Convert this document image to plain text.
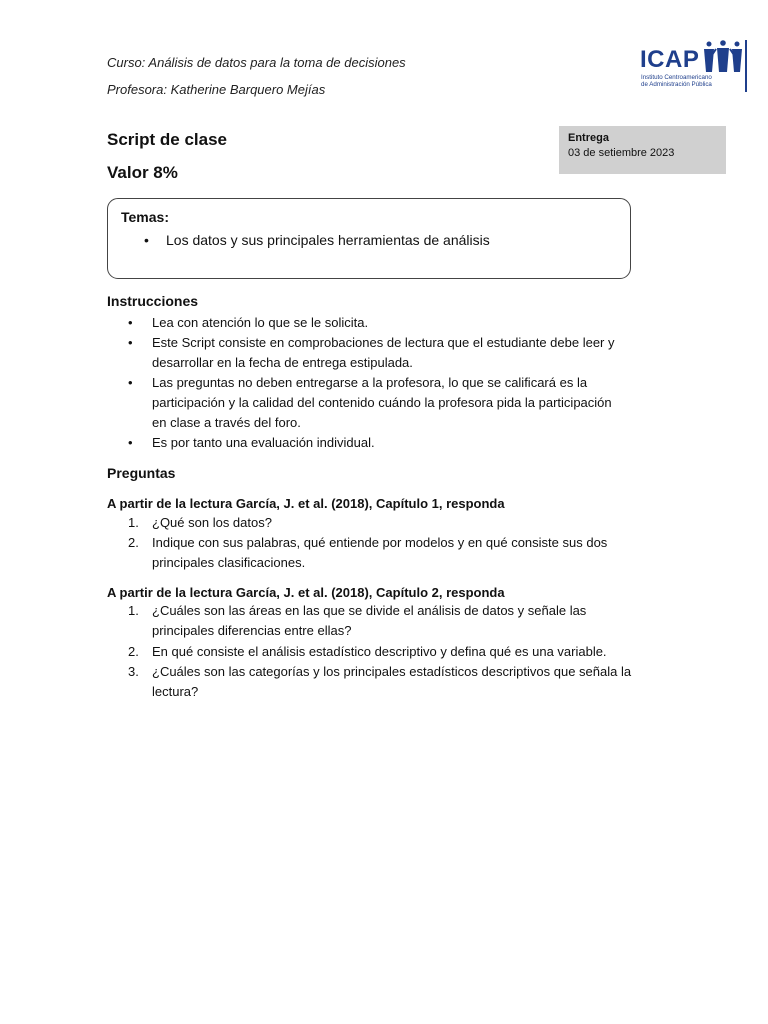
Curso: Análisis de datos para la toma de decisiones
Profesora: Katherine Barquero Mejías
ICAP
Instituto Centroamericano
de Administración Pública
Script de clase
Valor 8%
Entrega
03 de setiembre 2023
Temas:
• Los datos y sus principales herramientas de análisis
Instrucciones
• Lea con atención lo que se le solicita.
• Este Script consiste en comprobaciones de lectura que el estudiante debe leer y
desarrollar en la fecha de entrega estipulada.
• Las preguntas no deben entregarse a la profesora, lo que se calificará es la
participación y la calidad del contenido cuándo la profesora pida la participación
en clase a través del foro.
• Es por tanto una evaluación individual.
Preguntas
A partir de la lectura García, J. et al. (2018), Capítulo 1, responda
1. ¿Qué son los datos?
2. Indique con sus palabras, qué entiende por modelos y en qué consiste sus dos
principales clasificaciones.
A partir de la lectura García, J. et al. (2018), Capítulo 2, responda
1. ¿Cuáles son las áreas en las que se divide el análisis de datos y señale las
principales diferencias entre ellas?
2. En qué consiste el análisis estadístico descriptivo y defina qué es una variable.
3. ¿Cuáles son las categorías y los principales estadísticos descriptivos que señala la
lectura?
